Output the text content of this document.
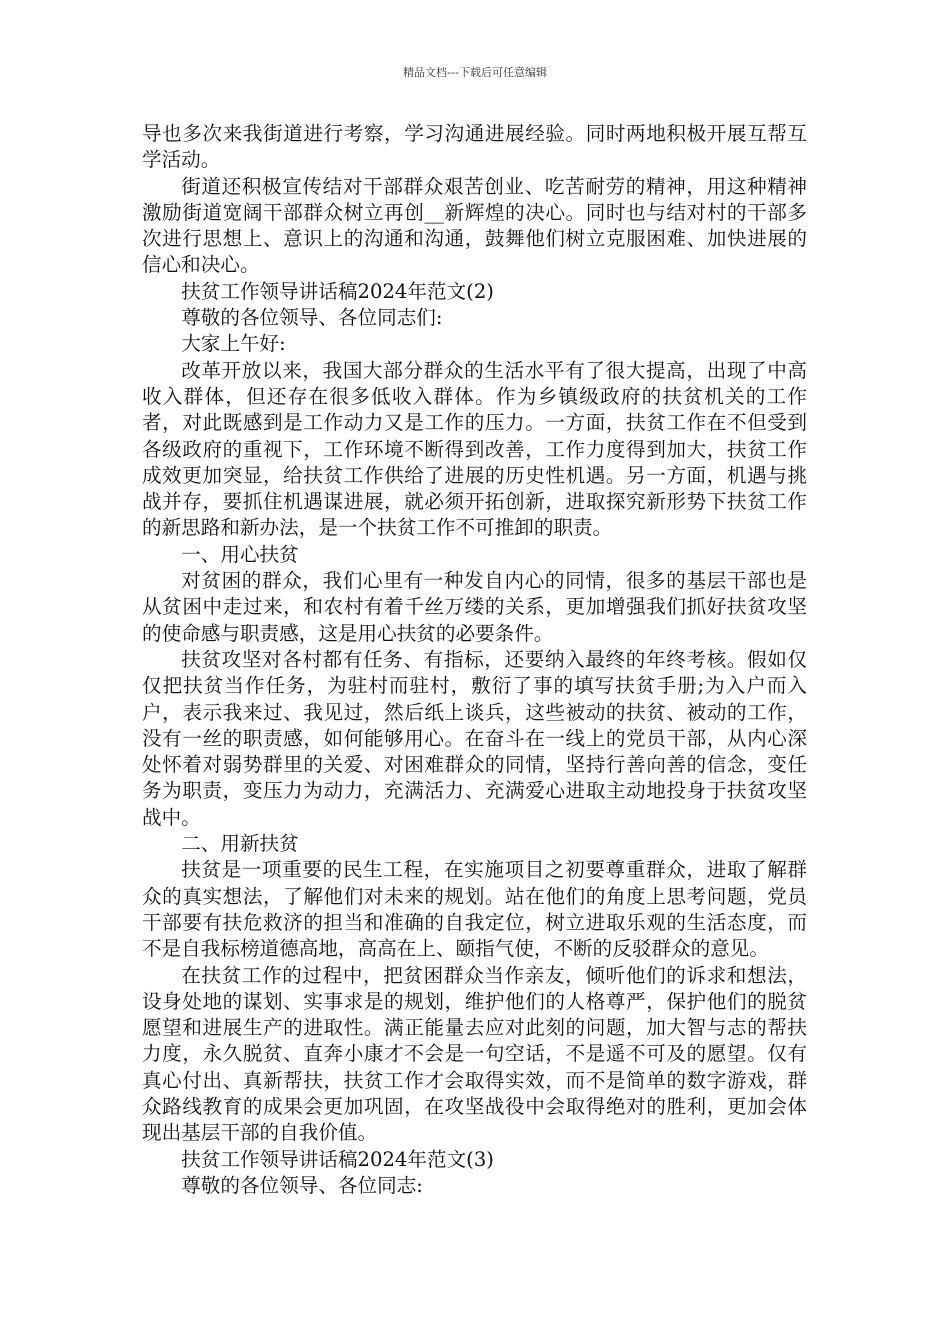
精品文档---下载后可任意编辑

导也多次来我街道进行考察，学习沟通进展经验。同时两地积极开展互帮互学活动。

街道还积极宣传结对干部群众艰苦创业、吃苦耐劳的精神，用这种精神激励街道宽阔干部群众树立再创__新辉煌的决心。同时也与结对村的干部多次进行思想上、意识上的沟通和沟通，鼓舞他们树立克服困难、加快进展的信心和决心。

扶贫工作领导讲话稿2024年范文(2)

尊敬的各位领导、各位同志们:

大家上午好:

改革开放以来，我国大部分群众的生活水平有了很大提高，出现了中高收入群体，但还存在很多低收入群体。作为乡镇级政府的扶贫机关的工作者，对此既感到是工作动力又是工作的压力。一方面，扶贫工作在不但受到各级政府的重视下，工作环境不断得到改善，工作力度得到加大，扶贫工作成效更加突显，给扶贫工作供给了进展的历史性机遇。另一方面，机遇与挑战并存，要抓住机遇谋进展，就必须开拓创新，进取探究新形势下扶贫工作的新思路和新办法，是一个扶贫工作不可推卸的职责。

一、用心扶贫

对贫困的群众，我们心里有一种发自内心的同情，很多的基层干部也是从贫困中走过来，和农村有着千丝万缕的关系，更加增强我们抓好扶贫攻坚的使命感与职责感，这是用心扶贫的必要条件。

扶贫攻坚对各村都有任务、有指标，还要纳入最终的年终考核。假如仅仅把扶贫当作任务，为驻村而驻村，敷衍了事的填写扶贫手册;为入户而入户，表示我来过、我见过，然后纸上谈兵，这些被动的扶贫、被动的工作，没有一丝的职责感，如何能够用心。在奋斗在一线上的党员干部，从内心深处怀着对弱势群里的关爱、对困难群众的同情，坚持行善向善的信念，变任务为职责，变压力为动力，充满活力、充满爱心进取主动地投身于扶贫攻坚战中。

二、用新扶贫

扶贫是一项重要的民生工程，在实施项目之初要尊重群众，进取了解群众的真实想法，了解他们对未来的规划。站在他们的角度上思考问题，党员干部要有扶危救济的担当和准确的自我定位，树立进取乐观的生活态度，而不是自我标榜道德高地，高高在上、颐指气使，不断的反驳群众的意见。

在扶贫工作的过程中，把贫困群众当作亲友，倾听他们的诉求和想法，设身处地的谋划、实事求是的规划，维护他们的人格尊严，保护他们的脱贫愿望和进展生产的进取性。满正能量去应对此刻的问题，加大智与志的帮扶力度，永久脱贫、直奔小康才不会是一句空话，不是遥不可及的愿望。仅有真心付出、真新帮扶，扶贫工作才会取得实效，而不是简单的数字游戏，群众路线教育的成果会更加巩固，在攻坚战役中会取得绝对的胜利，更加会体现出基层干部的自我价值。

扶贫工作领导讲话稿2024年范文(3)

尊敬的各位领导、各位同志:
